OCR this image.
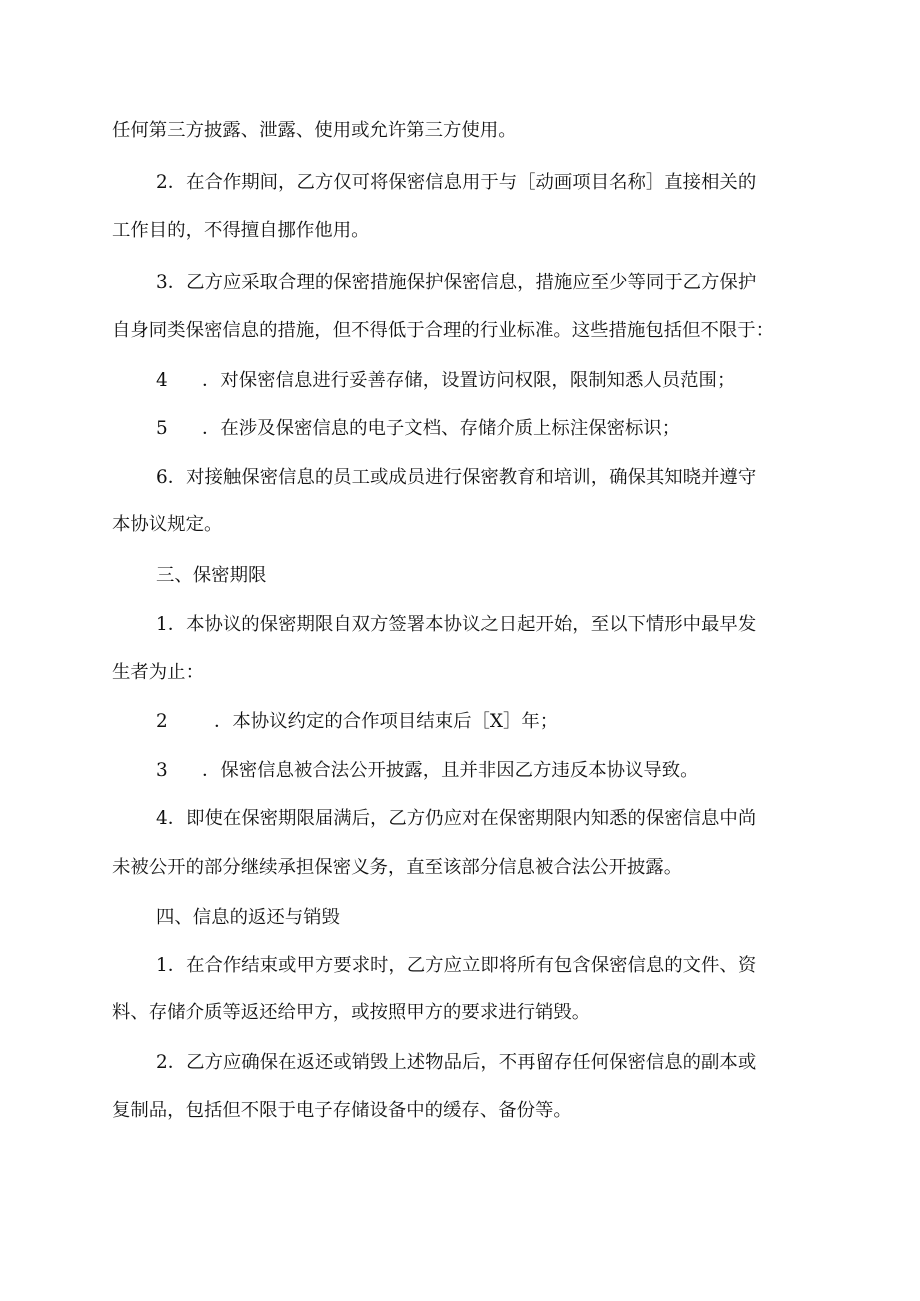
任何第三方披露、泄露、使用或允许第三方使用。
2．在合作期间，乙方仅可将保密信息用于与［动画项目名称］直接相关的
工作目的，不得擅自挪作他用。
3．乙方应采取合理的保密措施保护保密信息，措施应至少等同于乙方保护
自身同类保密信息的措施，但不得低于合理的行业标准。这些措施包括但不限于：
4 ．对保密信息进行妥善存储，设置访问权限，限制知悉人员范围；
5 ．在涉及保密信息的电子文档、存储介质上标注保密标识；
6．对接触保密信息的员工或成员进行保密教育和培训，确保其知晓并遵守
本协议规定。
三、保密期限
1．本协议的保密期限自双方签署本协议之日起开始，至以下情形中最早发
生者为止：
2	．本协议约定的合作项目结束后［X］年；
3 ．保密信息被合法公开披露，且并非因乙方违反本协议导致。
4．即使在保密期限届满后，乙方仍应对在保密期限内知悉的保密信息中尚
未被公开的部分继续承担保密义务，直至该部分信息被合法公开披露。
四、信息的返还与销毁
1．在合作结束或甲方要求时，乙方应立即将所有包含保密信息的文件、资
料、存储介质等返还给甲方，或按照甲方的要求进行销毁。
2．乙方应确保在返还或销毁上述物品后，不再留存任何保密信息的副本或
复制品，包括但不限于电子存储设备中的缓存、备份等。
